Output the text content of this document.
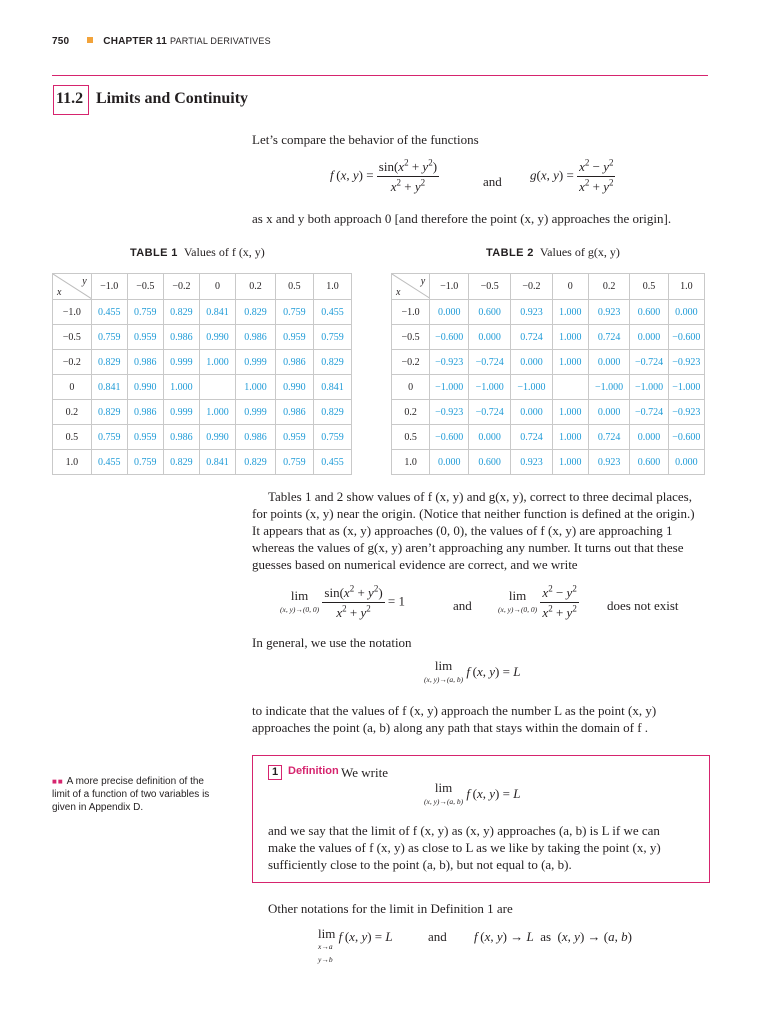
750	CHAPTER 11 PARTIAL DERIVATIVES
11.2 Limits and Continuity
Let’s compare the behavior of the functions
f (x, $y) = \frac{\sin(x^2 + y^2)}{x^2 + y^2}$	and g(x, $y) = \frac{x^2 - y^2}{x^2 + y^2}$
as x and y both approach 0 [and therefore the point (x, y) approaches the origin].
TABLE 1 Values of f (x, y)	TABLE 2 Values of g(x, y)
y
x	−1.0	−0.5	−0.2	0	0.2	0.5	1.0
−1.0	0.455	0.759	0.829	0.841	0.829	0.759	0.455
−0.5	0.759	0.959	0.986	0.990	0.986	0.959	0.759
−0.2	0.829	0.986	0.999	1.000	0.999	0.986	0.829
0	0.841	0.990	1.000		1.000	0.990	0.841
0.2	0.829	0.986	0.999	1.000	0.999	0.986	0.829
0.5	0.759	0.959	0.986	0.990	0.986	0.959	0.759
1.0	0.455	0.759	0.829	0.841	0.829	0.759	0.455
y
x	−1.0	−0.5	−0.2	0	0.2	0.5	1.0
−1.0	0.000	0.600	0.923	1.000	0.923	0.600	0.000
−0.5	−0.600	0.000	0.724	1.000	0.724	0.000	−0.600
−0.2	−0.923	−0.724	0.000	1.000	0.000	−0.724	−0.923
0	−1.000	−1.000	−1.000		−1.000	−1.000	−1.000
0.2	−0.923	−0.724	0.000	1.000	0.000	−0.724	−0.923
0.5	−0.600	0.000	0.724	1.000	0.724	0.000	−0.600
1.0	0.000	0.600	0.923	1.000	0.923	0.600	0.000
Tables 1 and 2 show values of f (x, y) and g(x, y), correct to three decimal places,
for points (x, y) near the origin. (Notice that neither function is defined at the origin.)
It appears that as (x, y) approaches (0, 0), the values of f (x, y) are approaching 1
whereas the values of g(x, y) aren’t approaching any number. It turns out that these
guesses based on numerical evidence are correct, and we write
lim
(x, y)→(0, $0) \frac{\sin(x^2 + y^2)}{x^2 + y^2} = 1$	and
lim
(x, y)→(0, $0) \frac{x^2 - y^2}{x^2 + y^2}$ does not exist
In general, we use the notation
lim
(x, y)→(a, b) f (x, y) = L
to indicate that the values of f (x, y) approach the number L as the point (x, y)
approaches the point (a, b) along any path that stays within the domain of f .
■■ A more precise definition of the limit of a function of two variables is given in Appendix D.
1 Definition We write
lim
(x, y)→(a, b) f (x, y) = L
and we say that the limit of f (x, y) as (x, y) approaches (a, b) is L if we can
make the values of f (x, y) as close to L as we like by taking the point (x, y)
sufficiently close to the point (a, b), but not equal to (a, b).
Other notations for the limit in Definition 1 are
lim
x→a
y→b f (x, y) = L	and f (x, y) → L  as  (x, y) → (a, b)
